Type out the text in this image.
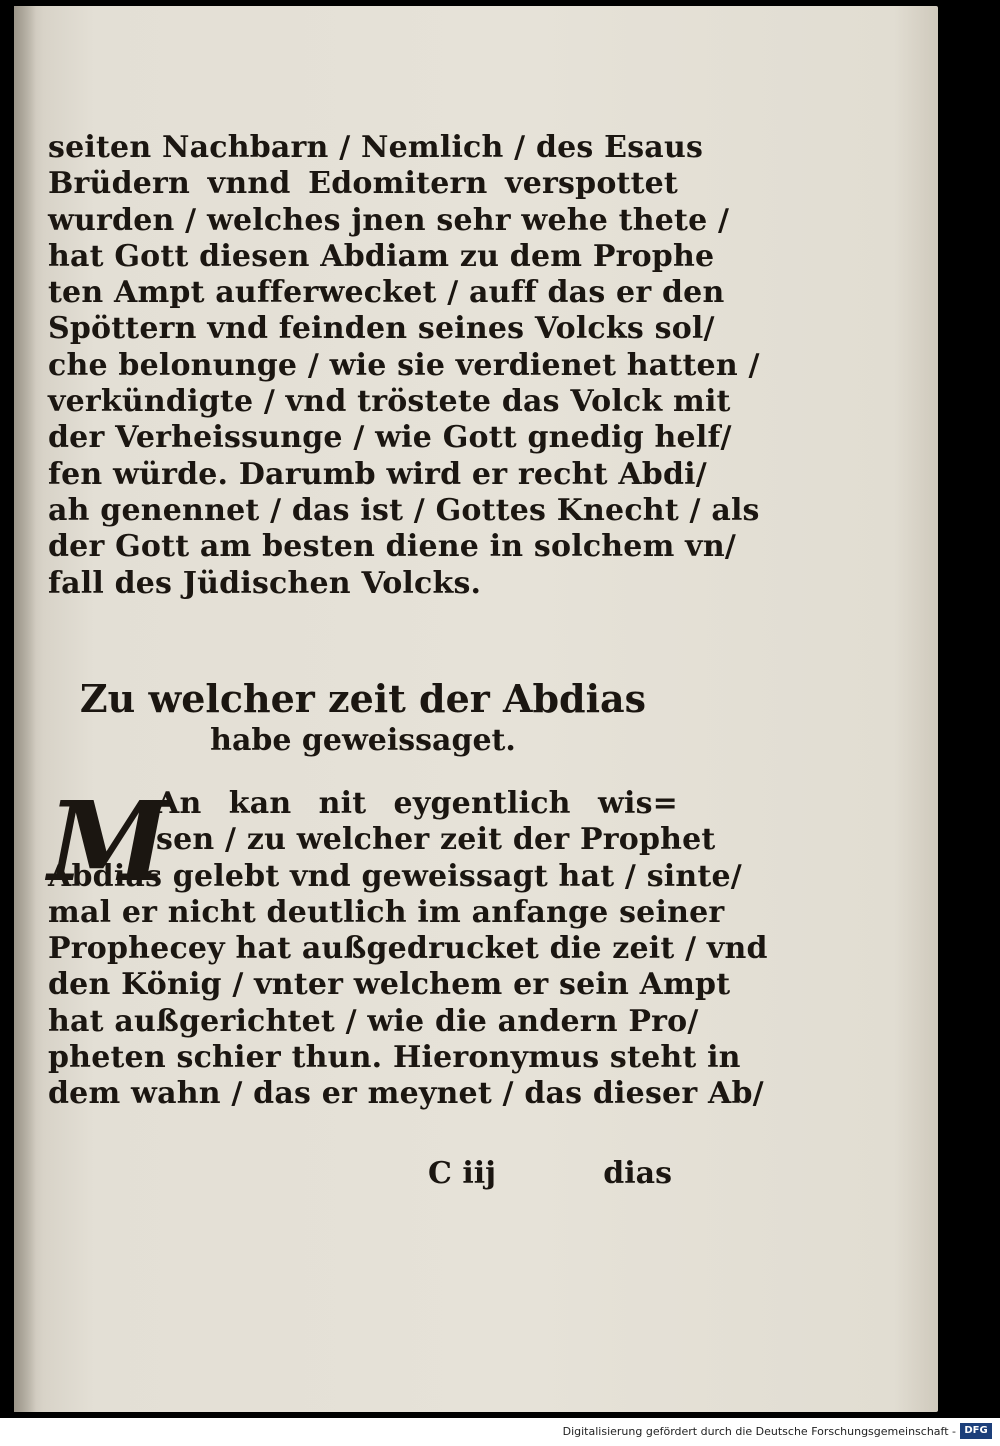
seiten Nachbarn / Nemlich / des Esaus
Brüdern vnnd Edomitern verspottet
wurden / welches jnen sehr wehe thete /
hat Gott diesen Abdiam zu dem Prophe
ten Ampt aufferwecket / auff das er den
Spöttern vnd feinden seines Volcks sol/
che belonunge / wie sie verdienet hatten /
verkündigte / vnd tröstete das Volck mit
der Verheissunge / wie Gott gnedig helf/
fen würde. Darumb wird er recht Abdi/
ah genennet / das ist / Gottes Knecht / als
der Gott am besten diene in solchem vn/
fall des Jüdischen Volcks.
Zu welcher zeit der Abdias
habe geweissaget.
M
An kan nit eygentlich wis=
sen / zu welcher zeit der Prophet
Abdias gelebt vnd geweissagt hat / sinte/
mal er nicht deutlich im anfange seiner
Prophecey hat außgedrucket die zeit / vnd
den König / vnter welchem er sein Ampt
hat außgerichtet / wie die andern Pro/
pheten schier thun. Hieronymus steht in
dem wahn / das er meynet / das dieser Ab/
C iij	dias
Digitalisierung gefördert durch die Deutsche Forschungsgemeinschaft - DFG
